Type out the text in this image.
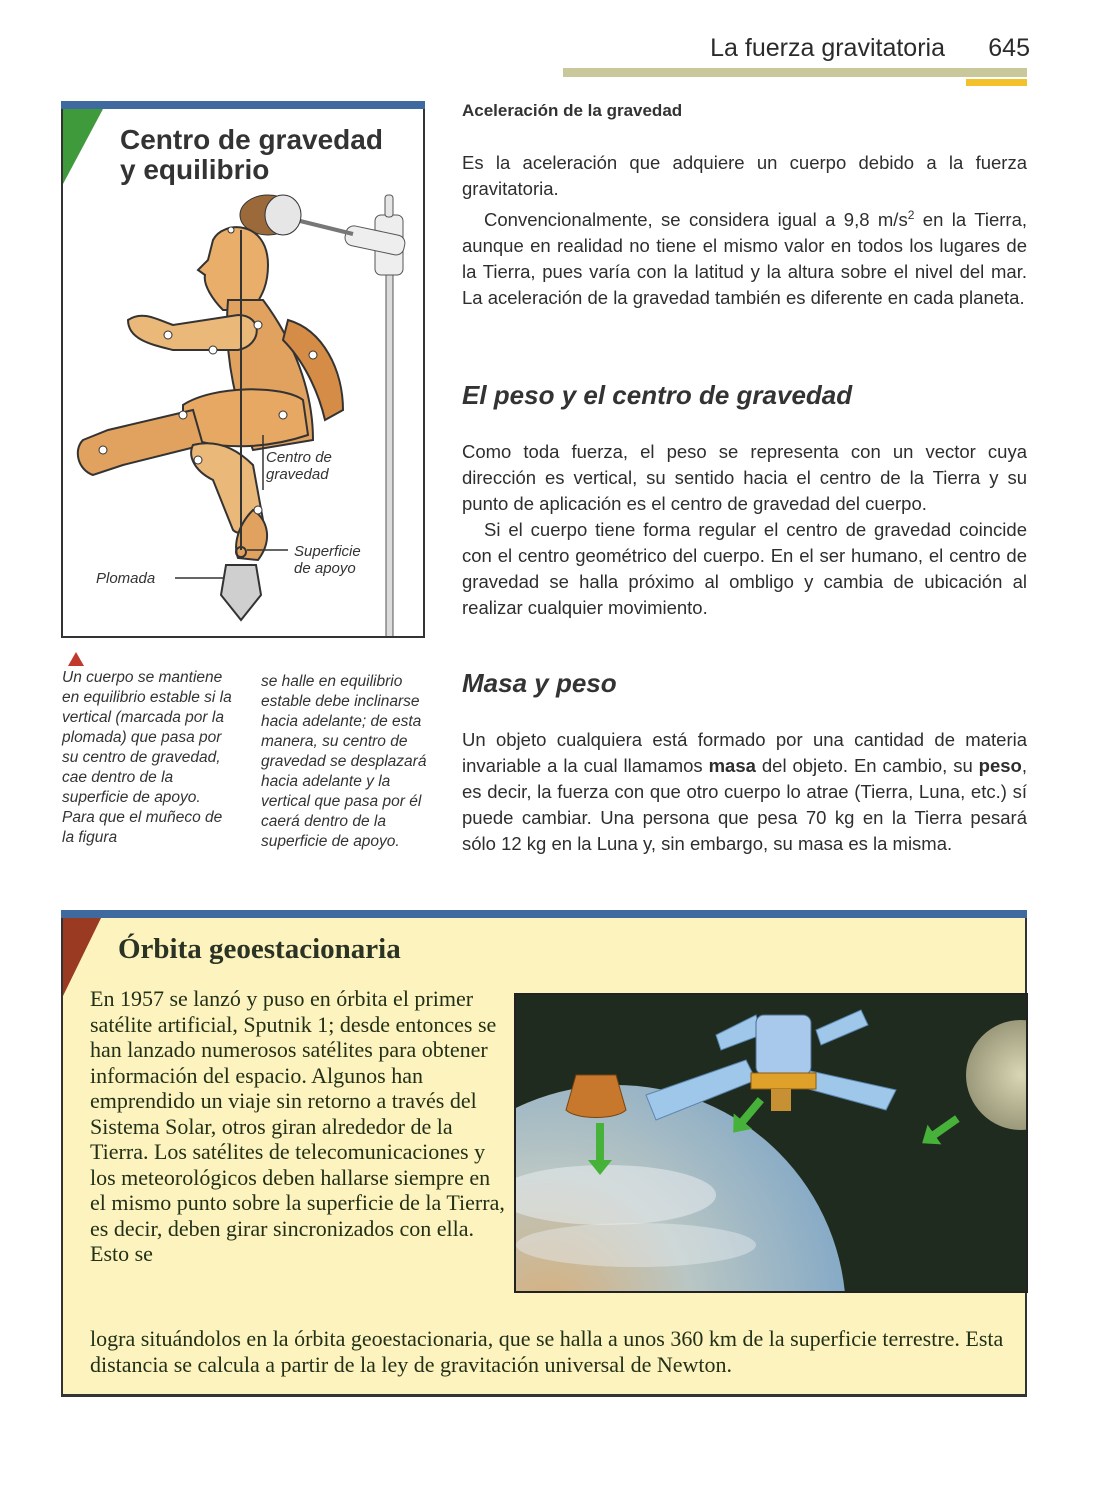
La fuerza gravitatoria 645
Centro de gravedad
y equilibrio
Centro de
gravedad
Superficie
de apoyo
Plomada
Un cuerpo se mantiene en equilibrio estable si la vertical (marcada por la plomada) que pasa por su centro de gravedad, cae dentro de la superficie de apoyo. Para que el muñeco de la figura
se halle en equilibrio estable debe inclinarse hacia adelante; de esta manera, su centro de gravedad se desplazará hacia adelante y la vertical que pasa por él caerá dentro de la superficie de apoyo.
Aceleración de la gravedad

Es la aceleración que adquiere un cuerpo debido a la fuerza gravitatoria.

Convencionalmente, se considera igual a 9,8 $m/s^2$ en la Tierra, aunque en realidad no tiene el mismo valor en todos los lugares de la Tierra, pues varía con la latitud y la altura sobre el nivel del mar. La aceleración de la gravedad también es diferente en cada planeta.

El peso y el centro de gravedad

Como toda fuerza, el peso se representa con un vector cuya dirección es vertical, su sentido hacia el centro de la Tierra y su punto de aplicación es el centro de gravedad del cuerpo.

Si el cuerpo tiene forma regular el centro de gravedad coincide con el centro geométrico del cuerpo. En el ser humano, el centro de gravedad se halla próximo al ombligo y cambia de ubicación al realizar cualquier movimiento.

Masa y peso

Un objeto cualquiera está formado por una cantidad de materia invariable a la cual llamamos masa del objeto. En cambio, su peso, es decir, la fuerza con que otro cuerpo lo atrae (Tierra, Luna, etc.) sí puede cambiar. Una persona que pesa 70 kg en la Tierra pesará sólo 12 kg en la Luna y, sin embargo, su masa es la misma.

Órbita geoestacionaria
En 1957 se lanzó y puso en órbita el primer satélite artificial, Sputnik 1; desde entonces se han lanzado numerosos satélites para obtener información del espacio. Algunos han emprendido un viaje sin retorno a través del Sistema Solar, otros giran alrededor de la Tierra. Los satélites de telecomunicaciones y los meteorológicos deben hallarse siempre en el mismo punto sobre la superficie de la Tierra, es decir, deben girar sincronizados con ella. Esto se
logra situándolos en la órbita geoestacionaria, que se halla a unos 360 km de la superficie terrestre. Esta distancia se calcula a partir de la ley de gravitación universal de Newton.
